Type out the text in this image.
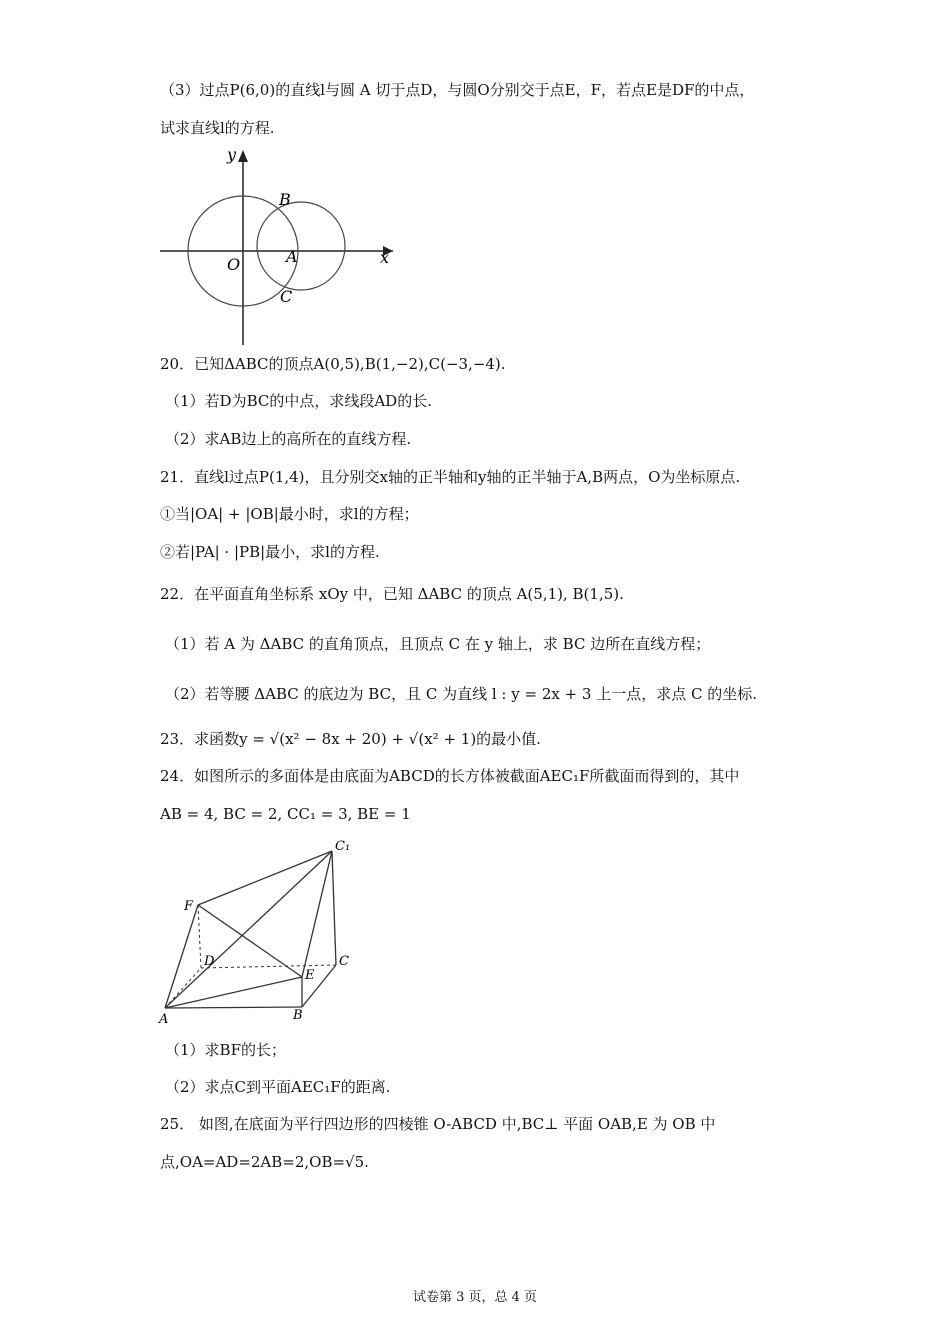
（3）过点P(6,0)的直线l与圆 A 切于点D，与圆O分别交于点E，F，若点E是DF的中点，
试求直线l的方程.
y
x
O	A
B
C
20．已知ΔABC的顶点A(0,5),B(1,−2),C(−3,−4).
（1）若D为BC的中点，求线段AD的长.
（2）求AB边上的高所在的直线方程.
21．直线l过点P(1,4)，且分别交x轴的正半轴和y轴的正半轴于A,B两点，O为坐标原点.
①当|OA| + |OB|最小时，求l的方程；
②若|PA| · |PB|最小，求l的方程.
22．在平面直角坐标系 xOy 中，已知 ΔABC 的顶点 A(5,1), B(1,5).
（1）若 A 为 ΔABC 的直角顶点，且顶点 C 在 y 轴上，求 BC 边所在直线方程；
（2）若等腰 ΔABC 的底边为 BC，且 C 为直线 l : y = 2x + 3 上一点，求点 C 的坐标.
23．求函数y = √(x² − 8x + 20) + √(x² + 1)的最小值.
24．如图所示的多面体是由底面为ABCD的长方体被截面AEC₁F所截面而得到的，其中
AB = 4, BC = 2, CC₁ = 3, BE = 1
C₁
F
D	C
E
A	B
（1）求BF的长；
（2）求点C到平面AEC₁F的距离.
25． 如图,在底面为平行四边形的四棱锥 O-ABCD 中,BC⊥ 平面 OAB,E 为 OB 中
点,OA=AD=2AB=2,OB=√5.
试卷第 3 页，总 4 页
